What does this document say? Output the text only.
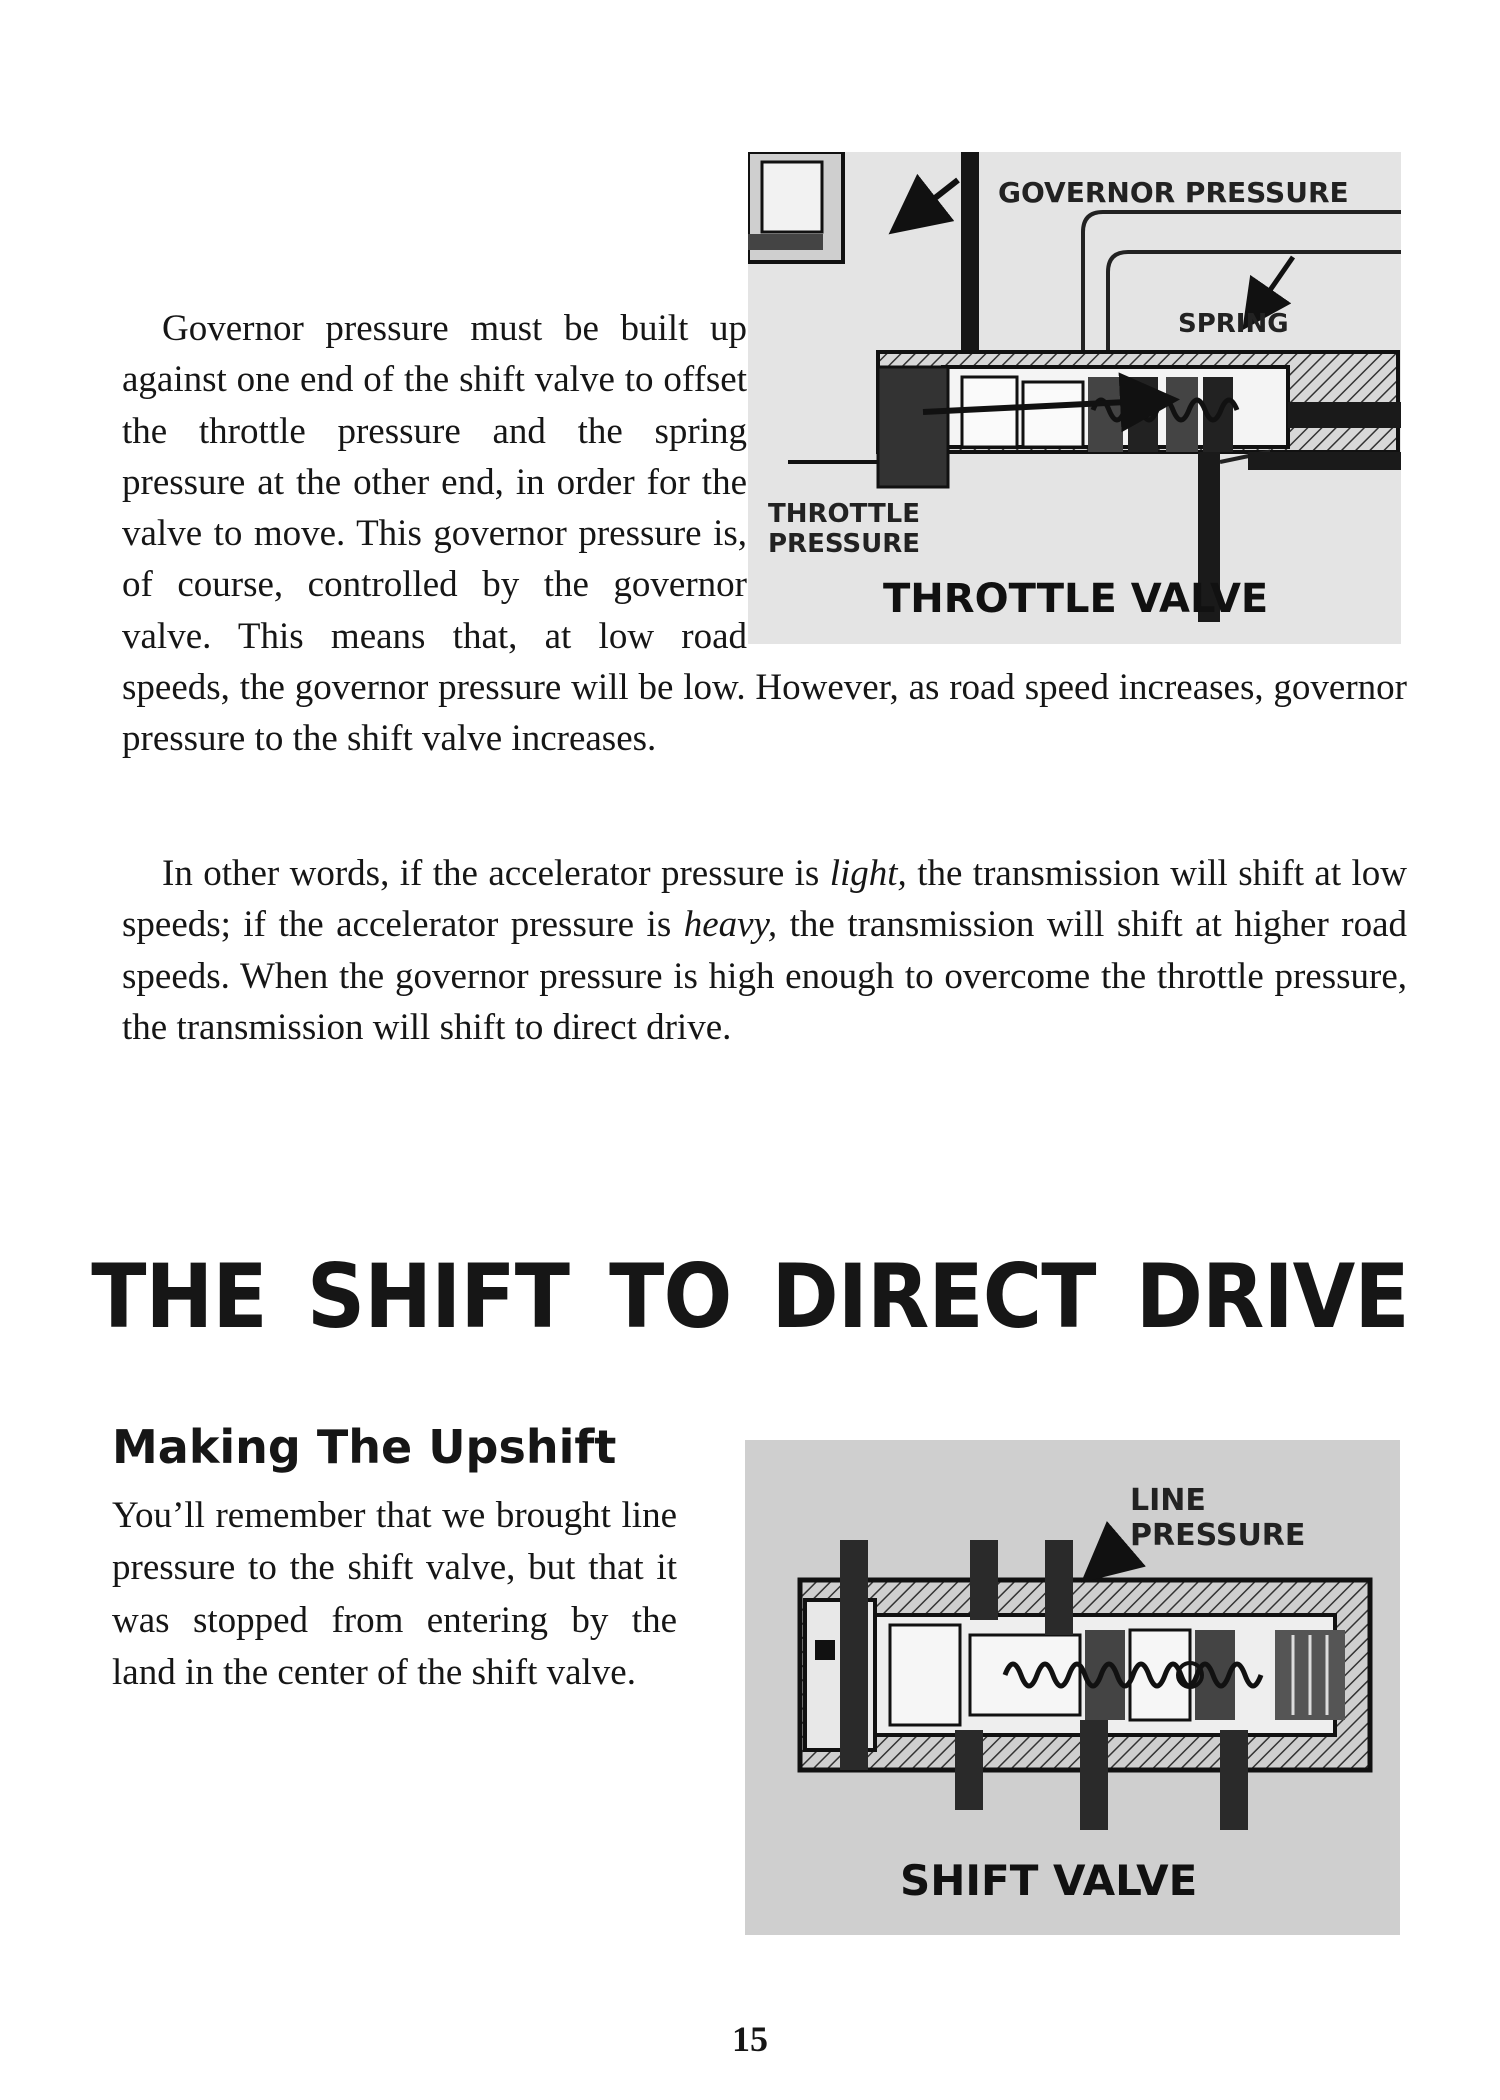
GOVERNOR PRESSURE
SPRING
THROTTLE
PRESSURE
THROTTLE VALVE

Governor pressure must be built up against one end of the shift valve to offset the throttle pressure and the spring pressure at the other end, in order for the valve to move. This governor pressure is, of course, controlled by the governor valve. This means that, at low road speeds, the governor pressure will be low. However, as road speed increases, governor pressure to the shift valve increases.

In other words, if the accelerator pressure is light, the transmission will shift at low speeds; if the accelerator pressure is heavy, the transmission will shift at higher road speeds. When the governor pressure is high enough to overcome the throttle pressure, the transmission will shift to direct drive.

THE SHIFT TO DIRECT DRIVE
Making The Upshift

You’ll remember that we brought line pressure to the shift valve, but that it was stopped from entering by the land in the center of the shift valve.

LINE
PRESSURE
SHIFT VALVE
15
